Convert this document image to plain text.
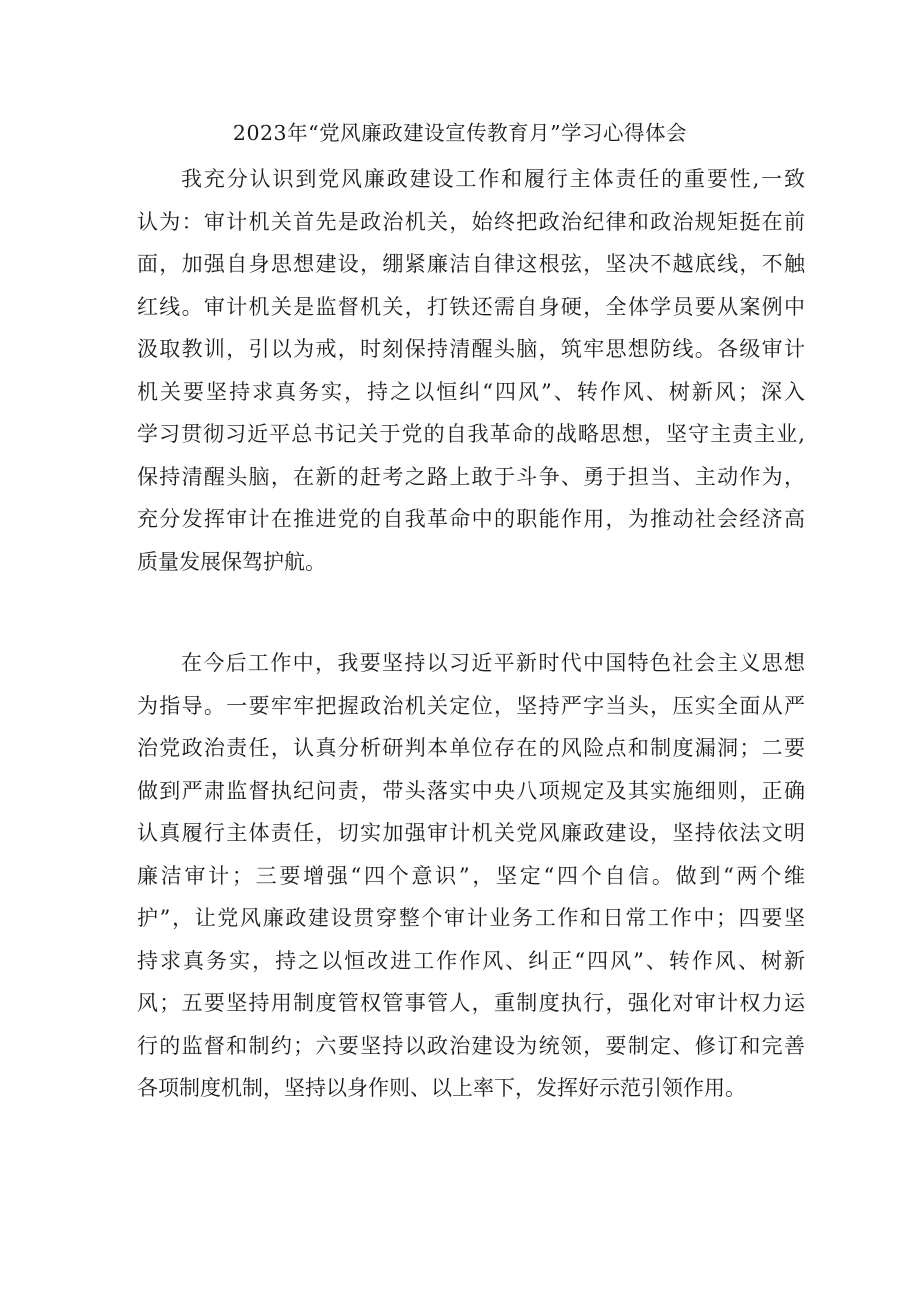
2023年“党风廉政建设宣传教育月”学习心得体会

我充分认识到党风廉政建设工作和履行主体责任的重要性,一致
认为：审计机关首先是政治机关，始终把政治纪律和政治规矩挺在前
面，加强自身思想建设，绷紧廉洁自律这根弦，坚决不越底线，不触
红线。审计机关是监督机关，打铁还需自身硬，全体学员要从案例中
汲取教训，引以为戒，时刻保持清醒头脑，筑牢思想防线。各级审计
机关要坚持求真务实，持之以恒纠“四风”、转作风、树新风；深入
学习贯彻习近平总书记关于党的自我革命的战略思想，坚守主责主业,
保持清醒头脑，在新的赶考之路上敢于斗争、勇于担当、主动作为，
充分发挥审计在推进党的自我革命中的职能作用，为推动社会经济高
质量发展保驾护航。

在今后工作中，我要坚持以习近平新时代中国特色社会主义思想
为指导。一要牢牢把握政治机关定位，坚持严字当头，压实全面从严
治党政治责任，认真分析研判本单位存在的风险点和制度漏洞；二要
做到严肃监督执纪问责，带头落实中央八项规定及其实施细则，正确
认真履行主体责任，切实加强审计机关党风廉政建设，坚持依法文明
廉洁审计；三要增强“四个意识”，坚定“四个自信。做到“两个维
护”，让党风廉政建设贯穿整个审计业务工作和日常工作中；四要坚
持求真务实，持之以恒改进工作作风、纠正“四风”、转作风、树新
风；五要坚持用制度管权管事管人，重制度执行，强化对审计权力运
行的监督和制约；六要坚持以政治建设为统领，要制定、修订和完善
各项制度机制，坚持以身作则、以上率下，发挥好示范引领作用。
